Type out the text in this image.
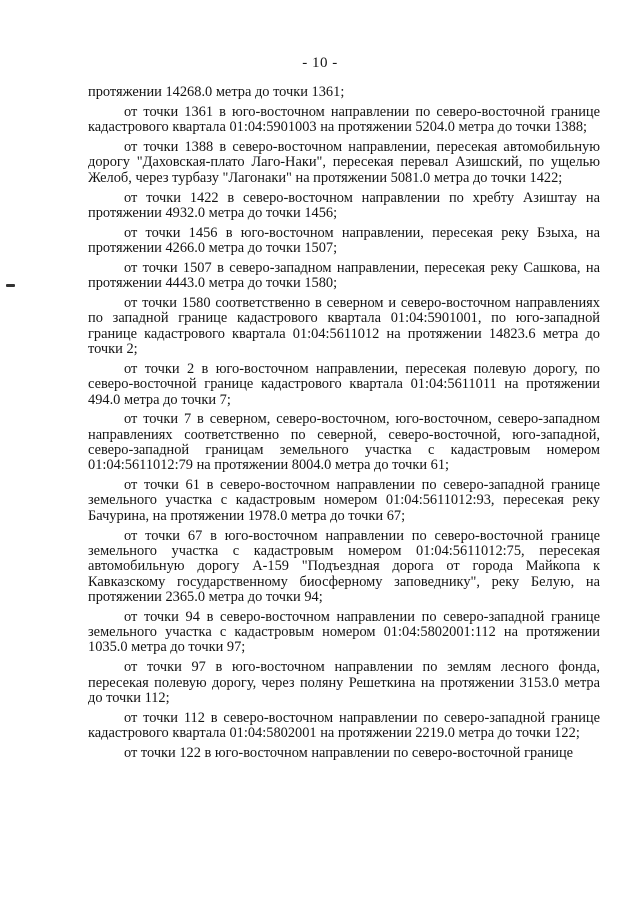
- 10 -

протяжении 14268.0 метра до точки 1361;

от точки 1361 в юго-восточном направлении по северо-восточной границе кадастрового квартала 01:04:5901003 на протяжении 5204.0 метра до точки 1388;

от точки 1388 в северо-восточном направлении, пересекая автомобильную дорогу "Даховская-плато Лаго-Наки", пересекая перевал Азишский, по ущелью Желоб, через турбазу "Лагонаки" на протяжении 5081.0 метра до точки 1422;

от точки 1422 в северо-восточном направлении по хребту Азиштау на протяжении 4932.0 метра до точки 1456;

от точки 1456 в юго-восточном направлении, пересекая реку Бзыха, на протяжении 4266.0 метра до точки 1507;

от точки 1507 в северо-западном направлении, пересекая реку Сашкова, на протяжении 4443.0 метра до точки 1580;

от точки 1580 соответственно в северном и северо-восточном направлениях по западной границе кадастрового квартала 01:04:5901001, по юго-западной границе кадастрового квартала 01:04:5611012 на протяжении 14823.6 метра до точки 2;

от точки 2 в юго-восточном направлении, пересекая полевую дорогу, по северо-восточной границе кадастрового квартала 01:04:5611011 на протяжении 494.0 метра до точки 7;

от точки 7 в северном, северо-восточном, юго-восточном, северо-западном направлениях соответственно по северной, северо-восточной, юго-западной, северо-западной границам земельного участка с кадастровым номером 01:04:5611012:79 на протяжении 8004.0 метра до точки 61;

от точки 61 в северо-восточном направлении по северо-западной границе земельного участка с кадастровым номером 01:04:5611012:93, пересекая реку Бачурина, на протяжении 1978.0 метра до точки 67;

от точки 67 в юго-восточном направлении по северо-восточной границе земельного участка с кадастровым номером 01:04:5611012:75, пересекая автомобильную дорогу А-159 "Подъездная дорога от города Майкопа к Кавказскому государственному биосферному заповеднику", реку Белую, на протяжении 2365.0 метра до точки 94;

от точки 94 в северо-восточном направлении по северо-западной границе земельного участка с кадастровым номером 01:04:5802001:112 на протяжении 1035.0 метра до точки 97;

от точки 97 в юго-восточном направлении по землям лесного фонда, пересекая полевую дорогу, через поляну Решеткина на протяжении 3153.0 метра до точки 112;

от точки 112 в северо-восточном направлении по северо-западной границе кадастрового квартала 01:04:5802001 на протяжении 2219.0 метра до точки 122;

от точки 122 в юго-восточном направлении по северо-восточной границе
